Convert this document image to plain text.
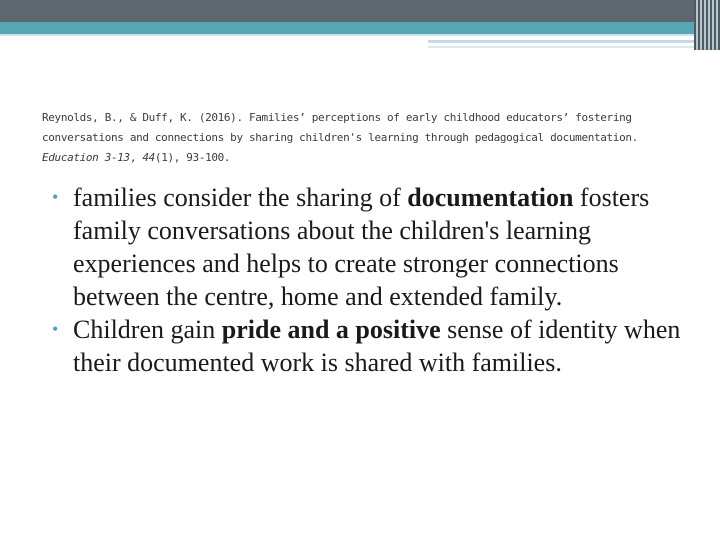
Reynolds, B., & Duff, K. (2016). Families’ perceptions of early childhood educators’ fostering conversations and connections by sharing children's learning through pedagogical documentation. Education 3-13, 44(1), 93-100.
• families consider the sharing of documentation fosters family conversations about the children's learning experiences and helps to create stronger connections between the centre, home and extended family.
• Children gain pride and a positive sense of identity when their documented work is shared with families.
